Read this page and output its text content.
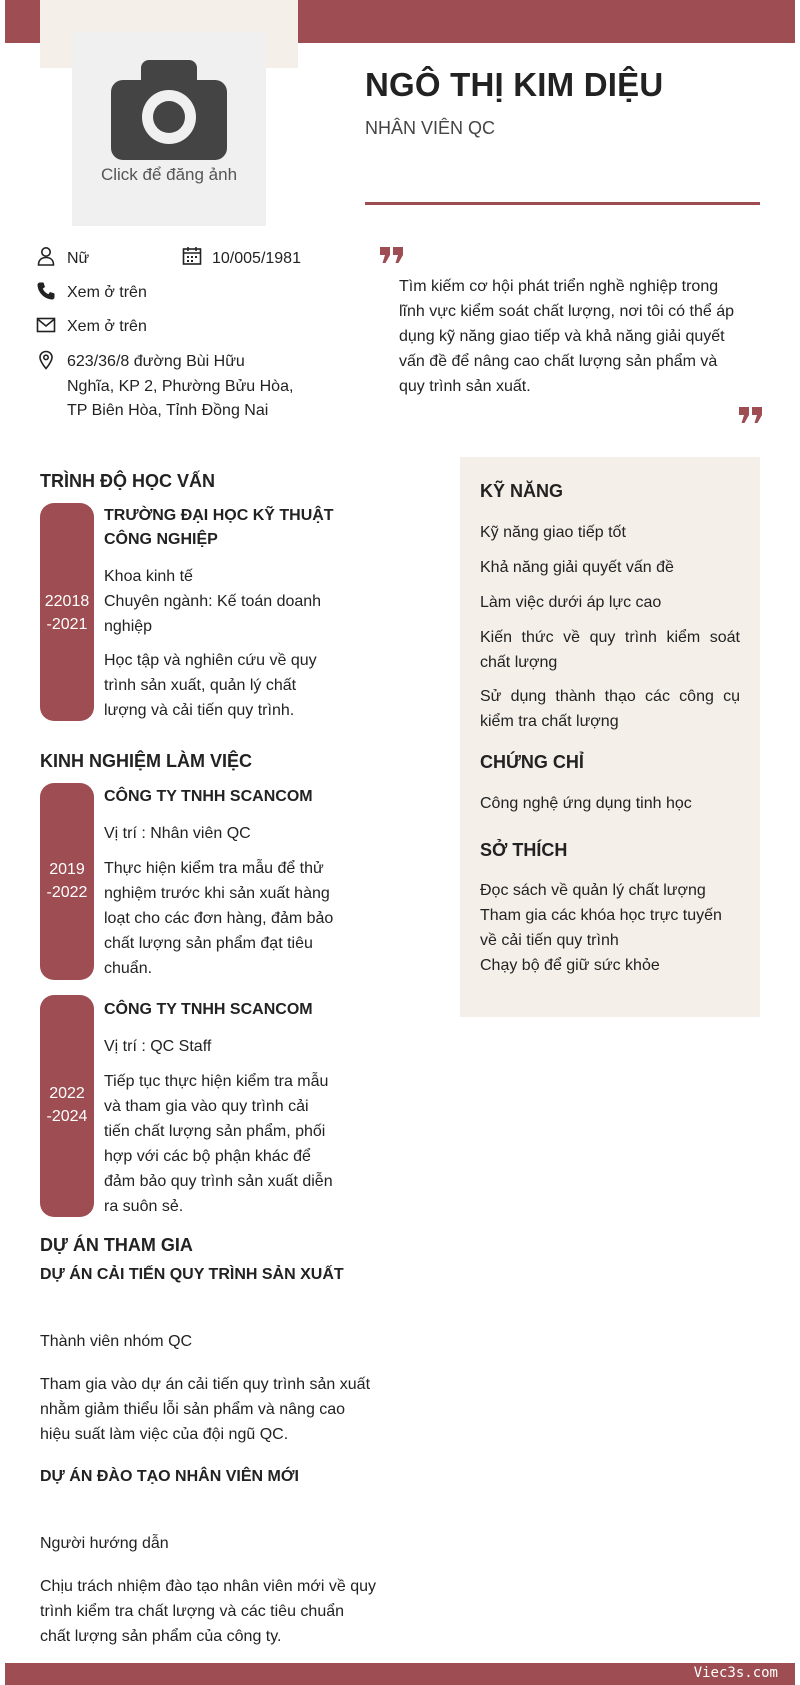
Click để đăng ảnh
NGÔ THỊ KIM DIỆU
NHÂN VIÊN QC
Nữ	10/005/1981
Xem ở trên
Xem ở trên
623/36/8 đường Bùi Hữu
Nghĩa, KP 2, Phường Bửu Hòa,
TP Biên Hòa, Tỉnh Đồng Nai
Tìm kiếm cơ hội phát triển nghề nghiệp trong
lĩnh vực kiểm soát chất lượng, nơi tôi có thể áp
dụng kỹ năng giao tiếp và khả năng giải quyết
vấn đề để nâng cao chất lượng sản phẩm và
quy trình sản xuất.
TRÌNH ĐỘ HỌC VẤN
22018
-2021
TRƯỜNG ĐẠI HỌC KỸ THUẬT
CÔNG NGHIỆP
Khoa kinh tế
Chuyên ngành: Kế toán doanh
nghiệp
Học tập và nghiên cứu về quy
trình sản xuất, quản lý chất
lượng và cải tiến quy trình.
KINH NGHIỆM LÀM VIỆC
2019
-2022
CÔNG TY TNHH SCANCOM
Vị trí : Nhân viên QC
Thực hiện kiểm tra mẫu để thử
nghiệm trước khi sản xuất hàng
loạt cho các đơn hàng, đảm bảo
chất lượng sản phẩm đạt tiêu
chuẩn.
2022
-2024
CÔNG TY TNHH SCANCOM
Vị trí : QC Staff
Tiếp tục thực hiện kiểm tra mẫu
và tham gia vào quy trình cải
tiến chất lượng sản phẩm, phối
hợp với các bộ phận khác để
đảm bảo quy trình sản xuất diễn
ra suôn sẻ.
DỰ ÁN THAM GIA
DỰ ÁN CẢI TIẾN QUY TRÌNH SẢN XUẤT
Thành viên nhóm QC
Tham gia vào dự án cải tiến quy trình sản xuất
nhằm giảm thiểu lỗi sản phẩm và nâng cao
hiệu suất làm việc của đội ngũ QC.
DỰ ÁN ĐÀO TẠO NHÂN VIÊN MỚI
Người hướng dẫn
Chịu trách nhiệm đào tạo nhân viên mới về quy
trình kiểm tra chất lượng và các tiêu chuẩn
chất lượng sản phẩm của công ty.
KỸ NĂNG
Kỹ năng giao tiếp tốt
Khả năng giải quyết vấn đề
Làm việc dưới áp lực cao
Kiến thức về quy trình kiểm soát chất lượng
Sử dụng thành thạo các công cụ kiểm tra chất lượng
CHỨNG CHỈ
Công nghệ ứng dụng tinh học
SỞ THÍCH
Đọc sách về quản lý chất lượng
Tham gia các khóa học trực tuyến
về cải tiến quy trình
Chạy bộ để giữ sức khỏe
Viec3s.com
